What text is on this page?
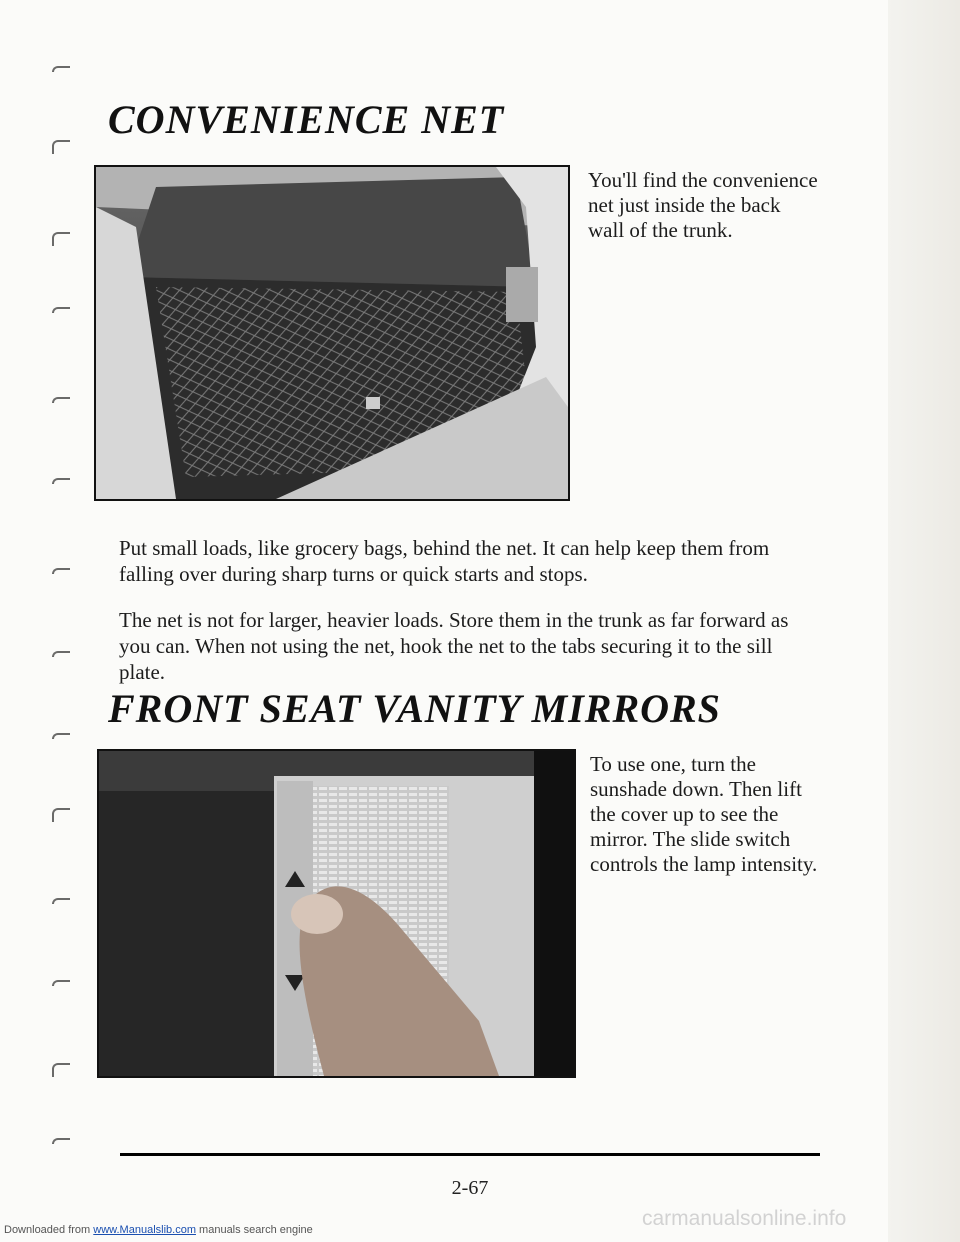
CONVENIENCE NET

You'll find the convenience net just inside the back wall of the trunk.

Put small loads, like grocery bags, behind the net. It can help keep them from falling over during sharp turns or quick starts and stops.

The net is not for larger, heavier loads. Store them in the trunk as far forward as you can. When not using the net, hook the net to the tabs securing it to the sill plate.

FRONT SEAT VANITY MIRRORS

To use one, turn the sunshade down. Then lift the cover up to see the mirror. The slide switch controls the lamp intensity.

2-67

Downloaded from www.Manualslib.com manuals search engine	carmanualsonline.info
